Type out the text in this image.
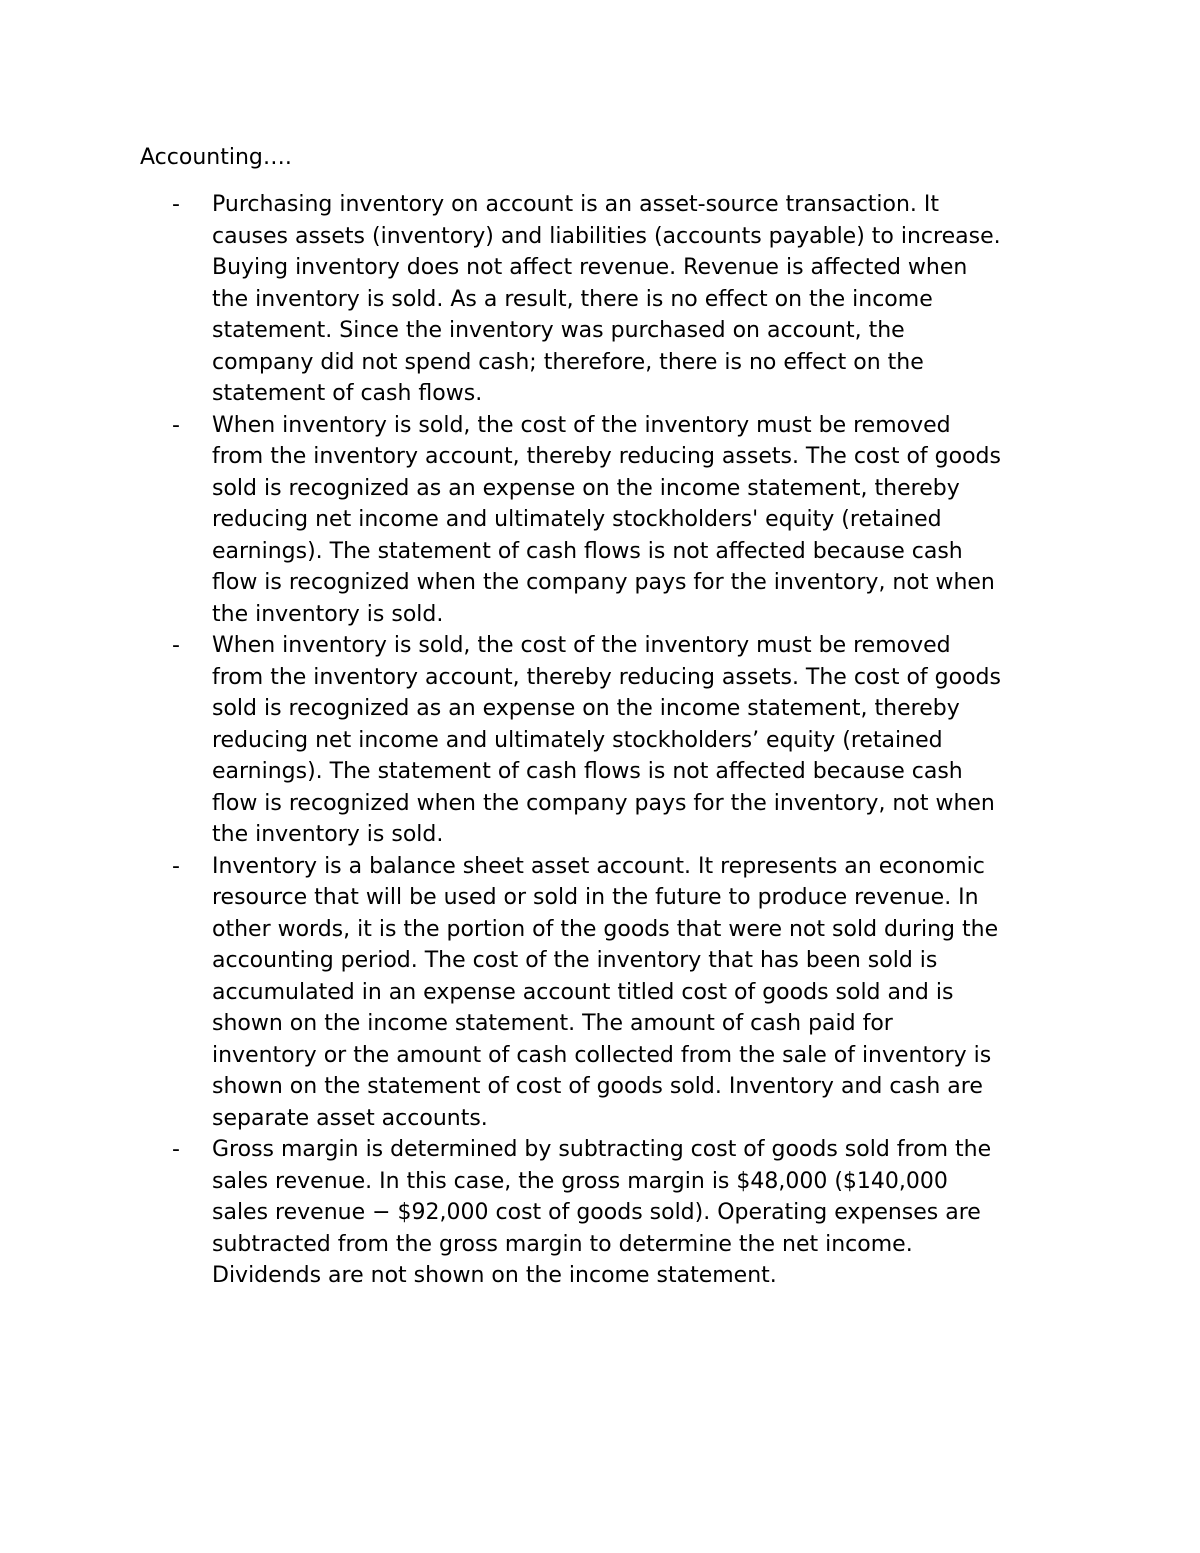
Accounting….
- Purchasing inventory on account is an asset-source transaction. It
causes assets (inventory) and liabilities (accounts payable) to increase.
Buying inventory does not affect revenue. Revenue is affected when
the inventory is sold. As a result, there is no effect on the income
statement. Since the inventory was purchased on account, the
company did not spend cash; therefore, there is no effect on the
statement of cash flows.
- When inventory is sold, the cost of the inventory must be removed
from the inventory account, thereby reducing assets. The cost of goods
sold is recognized as an expense on the income statement, thereby
reducing net income and ultimately stockholders' equity (retained
earnings). The statement of cash flows is not affected because cash
flow is recognized when the company pays for the inventory, not when
the inventory is sold.
- When inventory is sold, the cost of the inventory must be removed
from the inventory account, thereby reducing assets. The cost of goods
sold is recognized as an expense on the income statement, thereby
reducing net income and ultimately stockholders’ equity (retained
earnings). The statement of cash flows is not affected because cash
flow is recognized when the company pays for the inventory, not when
the inventory is sold.
- Inventory is a balance sheet asset account. It represents an economic
resource that will be used or sold in the future to produce revenue. In
other words, it is the portion of the goods that were not sold during the
accounting period. The cost of the inventory that has been sold is
accumulated in an expense account titled cost of goods sold and is
shown on the income statement. The amount of cash paid for
inventory or the amount of cash collected from the sale of inventory is
shown on the statement of cost of goods sold. Inventory and cash are
separate asset accounts.
- Gross margin is determined by subtracting cost of goods sold from the
sales revenue. In this case, the gross margin is $48,000 ($140,000
sales revenue − $92,000 cost of goods sold). Operating expenses are
subtracted from the gross margin to determine the net income.
Dividends are not shown on the income statement.
